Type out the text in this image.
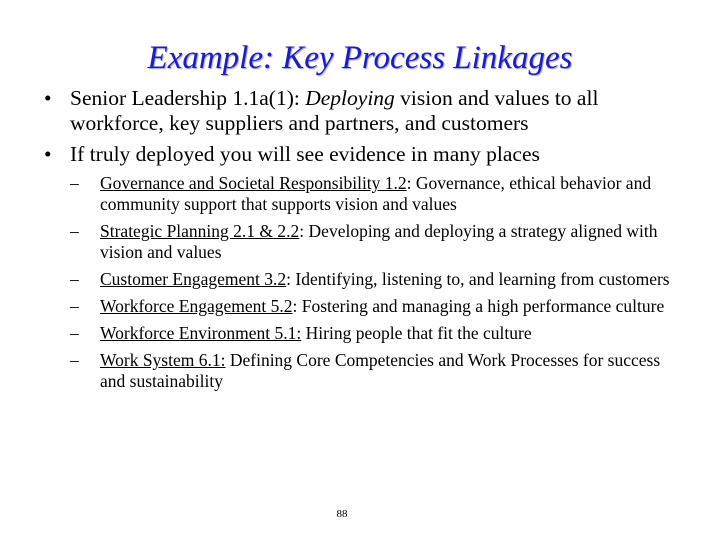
Example: Key Process Linkages
• Senior Leadership 1.1a(1): Deploying vision and values to all workforce, key suppliers and partners, and customers
• If truly deployed you will see evidence in many places
– Governance and Societal Responsibility 1.2: Governance, ethical behavior and community support that supports vision and values
– Strategic Planning 2.1 & 2.2: Developing and deploying a strategy aligned with vision and values
– Customer Engagement 3.2: Identifying, listening to, and learning from customers
– Workforce Engagement 5.2: Fostering and managing a high performance culture
– Workforce Environment 5.1: Hiring people that fit the culture
– Work System 6.1: Defining Core Competencies and Work Processes for success and sustainability
88
